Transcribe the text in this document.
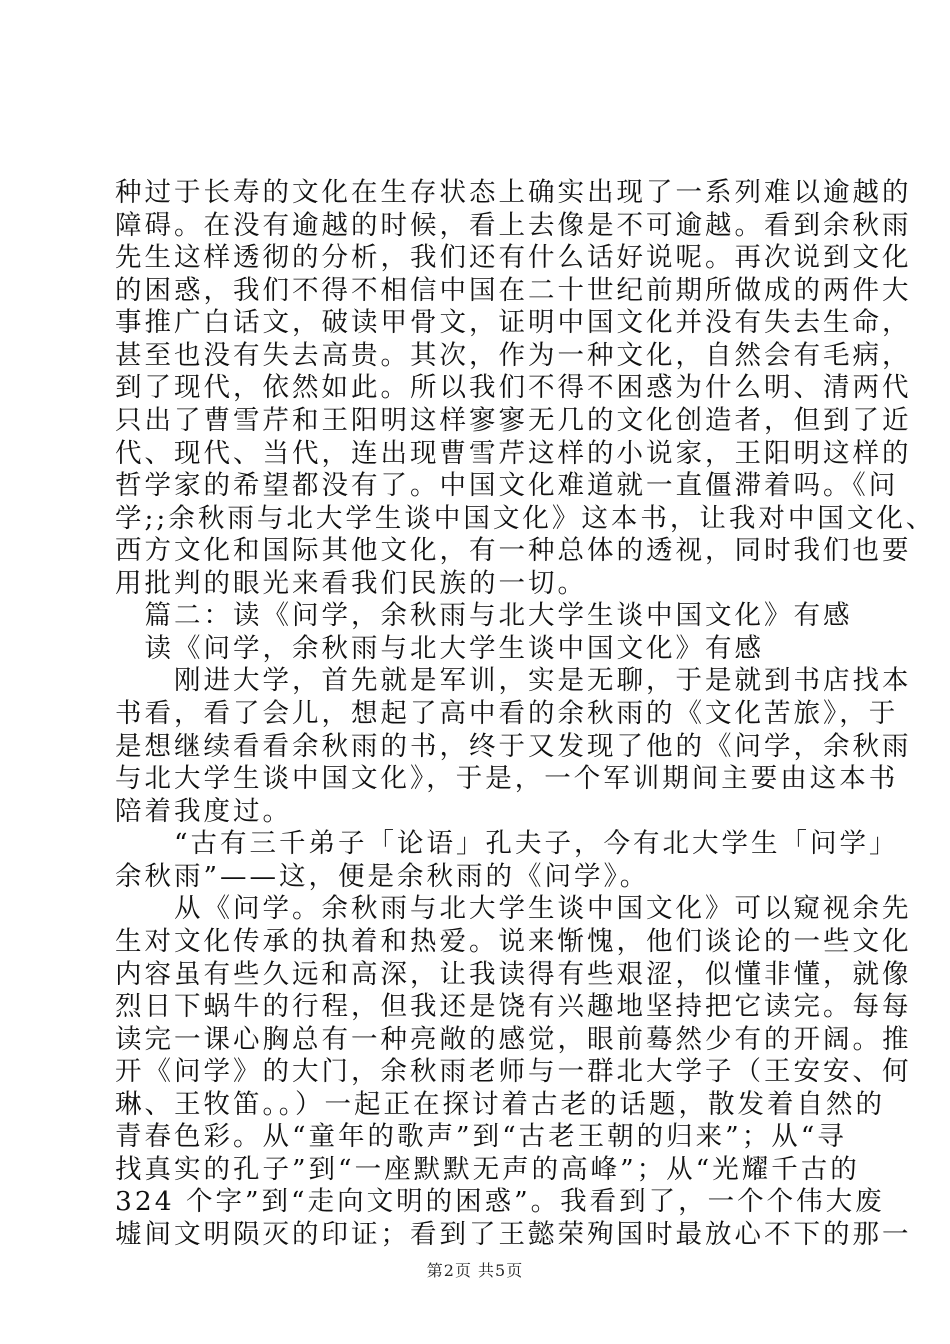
种过于长寿的文化在生存状态上确实出现了一系列难以逾越的
障碍。在没有逾越的时候，看上去像是不可逾越。看到余秋雨
先生这样透彻的分析，我们还有什么话好说呢。再次说到文化
的困惑，我们不得不相信中国在二十世纪前期所做成的两件大
事推广白话文，破读甲骨文，证明中国文化并没有失去生命，
甚至也没有失去高贵。其次，作为一种文化，自然会有毛病，
到了现代，依然如此。所以我们不得不困惑为什么明、清两代
只出了曹雪芹和王阳明这样寥寥无几的文化创造者，但到了近
代、现代、当代，连出现曹雪芹这样的小说家，王阳明这样的
哲学家的希望都没有了。中国文化难道就一直僵滞着吗。《问
学;;余秋雨与北大学生谈中国文化》这本书，让我对中国文化、
西方文化和国际其他文化，有一种总体的透视，同时我们也要
用批判的眼光来看我们民族的一切。
　篇二：读《问学，余秋雨与北大学生谈中国文化》有感
　读《问学，余秋雨与北大学生谈中国文化》有感
　　刚进大学，首先就是军训，实是无聊，于是就到书店找本
书看，看了会儿，想起了高中看的余秋雨的《文化苦旅》，于
是想继续看看余秋雨的书，终于又发现了他的《问学，余秋雨
与北大学生谈中国文化》，于是，一个军训期间主要由这本书
陪着我度过。
　　“古有三千弟子「论语」孔夫子，今有北大学生「问学」
余秋雨”——这，便是余秋雨的《问学》。
　　从《问学。余秋雨与北大学生谈中国文化》可以窥视余先
生对文化传承的执着和热爱。说来惭愧，他们谈论的一些文化
内容虽有些久远和高深，让我读得有些艰涩，似懂非懂，就像
烈日下蜗牛的行程，但我还是饶有兴趣地坚持把它读完。每每
读完一课心胸总有一种亮敞的感觉，眼前蓦然少有的开阔。推
开《问学》的大门，余秋雨老师与一群北大学子（王安安、何
琳、王牧笛。。）一起正在探讨着古老的话题，散发着自然的
青春色彩。从“童年的歌声”到“古老王朝的归来”；从“寻
找真实的孔子”到“一座默默无声的高峰”；从“光耀千古的
324 个字”到“走向文明的困惑”。我看到了，一个个伟大废
墟间文明陨灭的印证；看到了王懿荣殉国时最放心不下的那一
第2页 共5页
